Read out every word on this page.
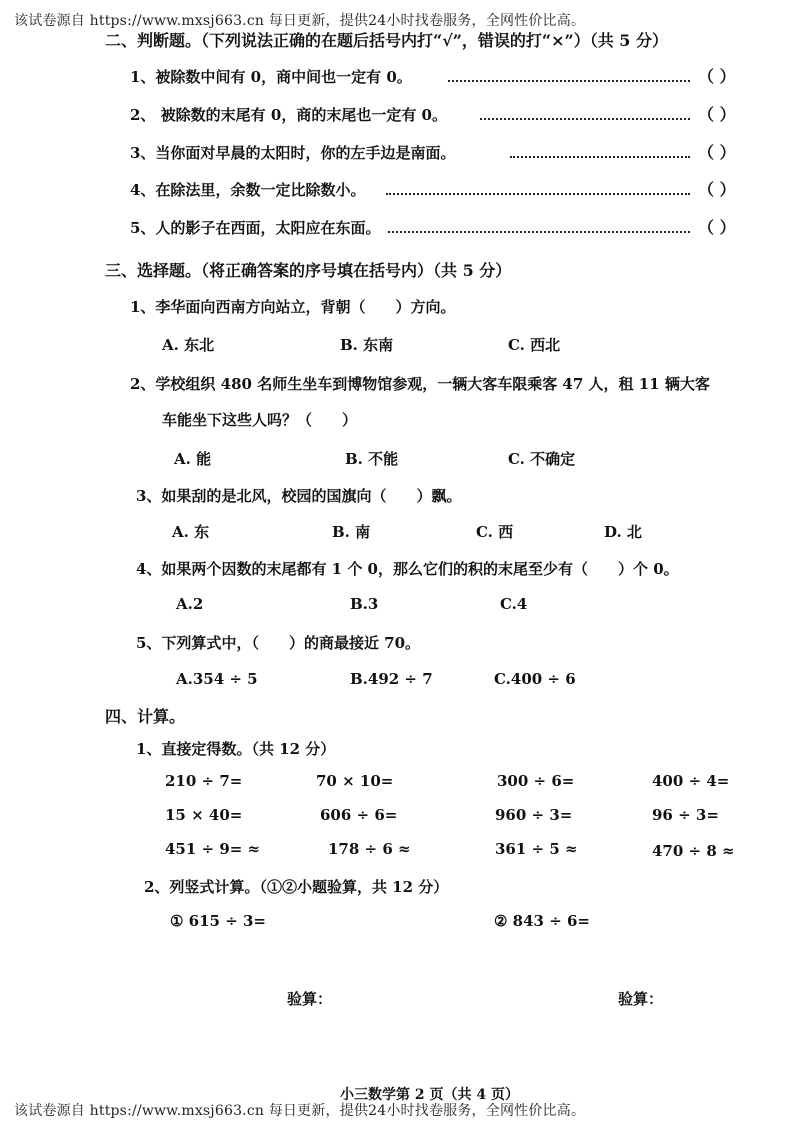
该试卷源自 https://www.mxsj663.cn 每日更新，提供24小时找卷服务，全网性价比高。
二、判断题。（下列说法正确的在题后括号内打“√”，错误的打“×”）（共 5 分）
1、被除数中间有 0，商中间也一定有 0。	（ ）
2、 被除数的末尾有 0，商的末尾也一定有 0。	（ ）
3、当你面对早晨的太阳时，你的左手边是南面。	（ ）
4、在除法里，余数一定比除数小。	（ ）
5、人的影子在西面，太阳应在东面。	（ ）
三、选择题。（将正确答案的序号填在括号内）（共 5 分）
1、李华面向西南方向站立，背朝（　　）方向。
A. 东北	B. 东南	C. 西北
2、学校组织 480 名师生坐车到博物馆参观，一辆大客车限乘客 47 人，租 11 辆大客
车能坐下这些人吗？（　　）
A. 能	B. 不能	C. 不确定
3、如果刮的是北风，校园的国旗向（　　）飘。
A. 东	B. 南	C. 西	D. 北
4、如果两个因数的末尾都有 1 个 0，那么它们的积的末尾至少有（　　）个 0。
A.2	B.3	C.4
5、下列算式中，（　　）的商最接近 70。
A.354 ÷ 5	B.492 ÷ 7	C.400 ÷ 6
四、计算。
1、直接定得数。（共 12 分）
210 ÷ 7=	70 × 10=	300 ÷ 6=	400 ÷ 4=
15 × 40=	606 ÷ 6=	960 ÷ 3=	96 ÷ 3=
451 ÷ 9= ≈	178 ÷ 6 ≈	361 ÷ 5 ≈	470 ÷ 8 ≈
2、列竖式计算。（①②小题验算，共 12 分）
① 615 ÷ 3=	② 843 ÷ 6=
验算：	验算：
小三数学第 2 页（共 4 页）
该试卷源自 https://www.mxsj663.cn 每日更新，提供24小时找卷服务，全网性价比高。
